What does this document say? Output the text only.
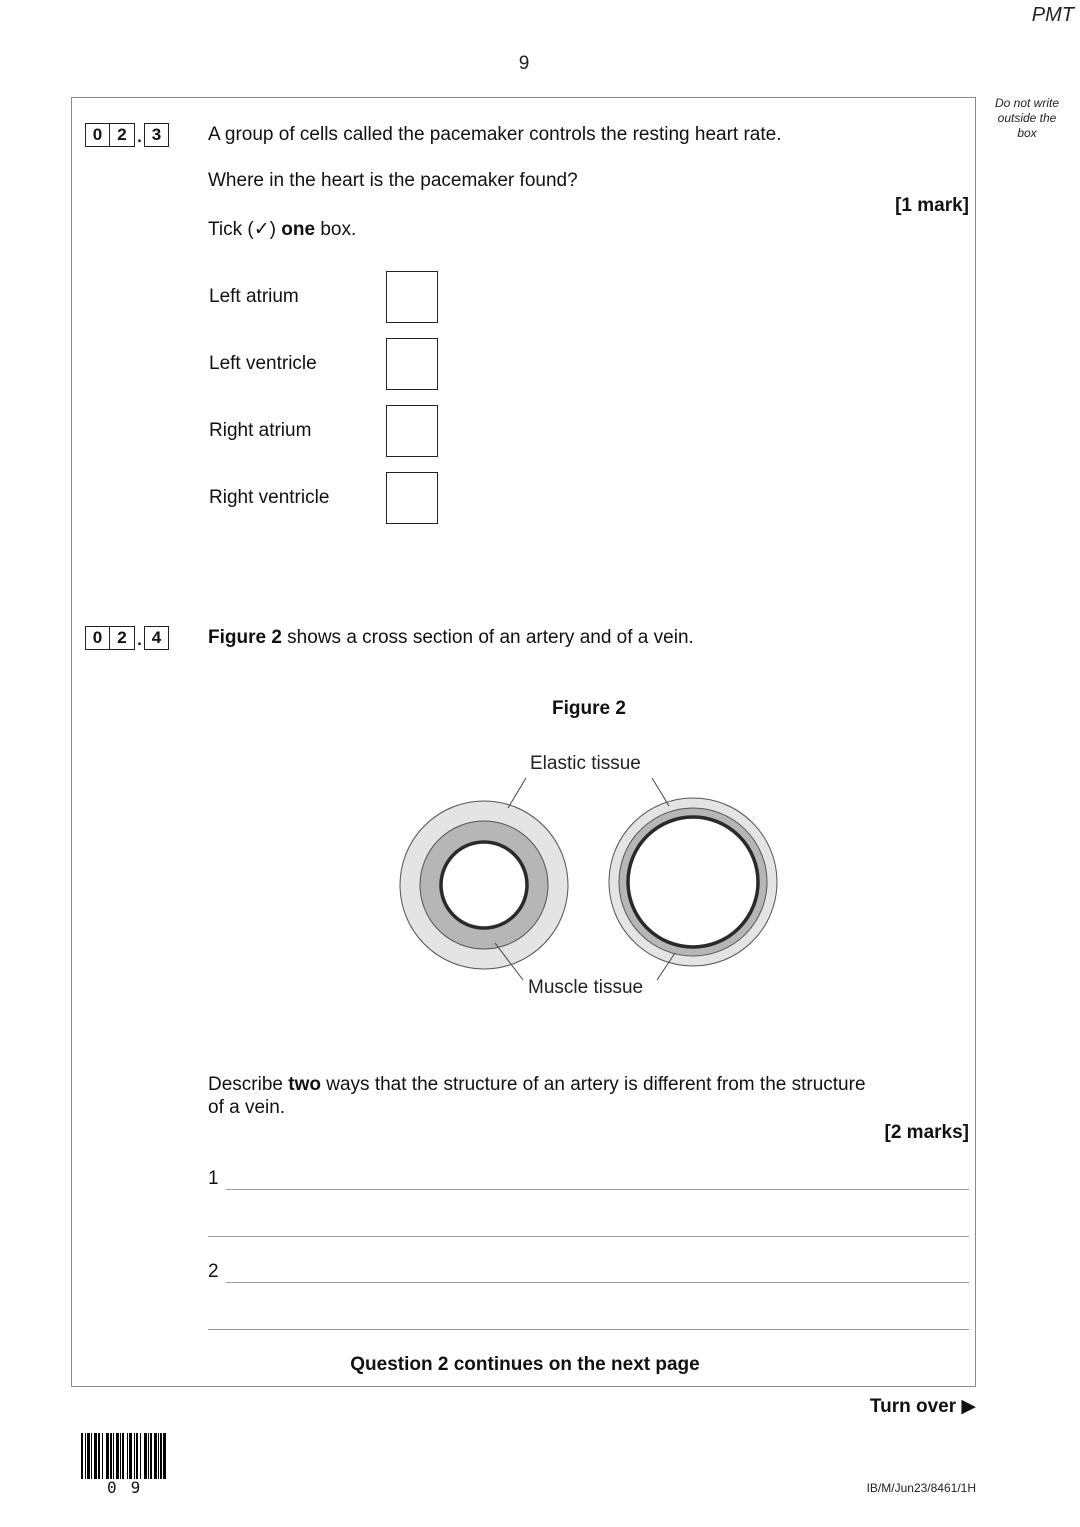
PMT
9
Do not write
outside the
box
0 2 . 3	A group of cells called the pacemaker controls the resting heart rate.
Where in the heart is the pacemaker found?
[1 mark]
Tick (✓) one box.
Left atrium
Left ventricle
Right atrium
Right ventricle
0 2 . 4	Figure 2 shows a cross section of an artery and of a vein.
Figure 2
Elastic tissue
Muscle tissue
Describe two ways that the structure of an artery is different from the structure
of a vein.
[2 marks]
1
2
Question 2 continues on the next page
Turn over ▶
09	IB/M/Jun23/8461/1H
